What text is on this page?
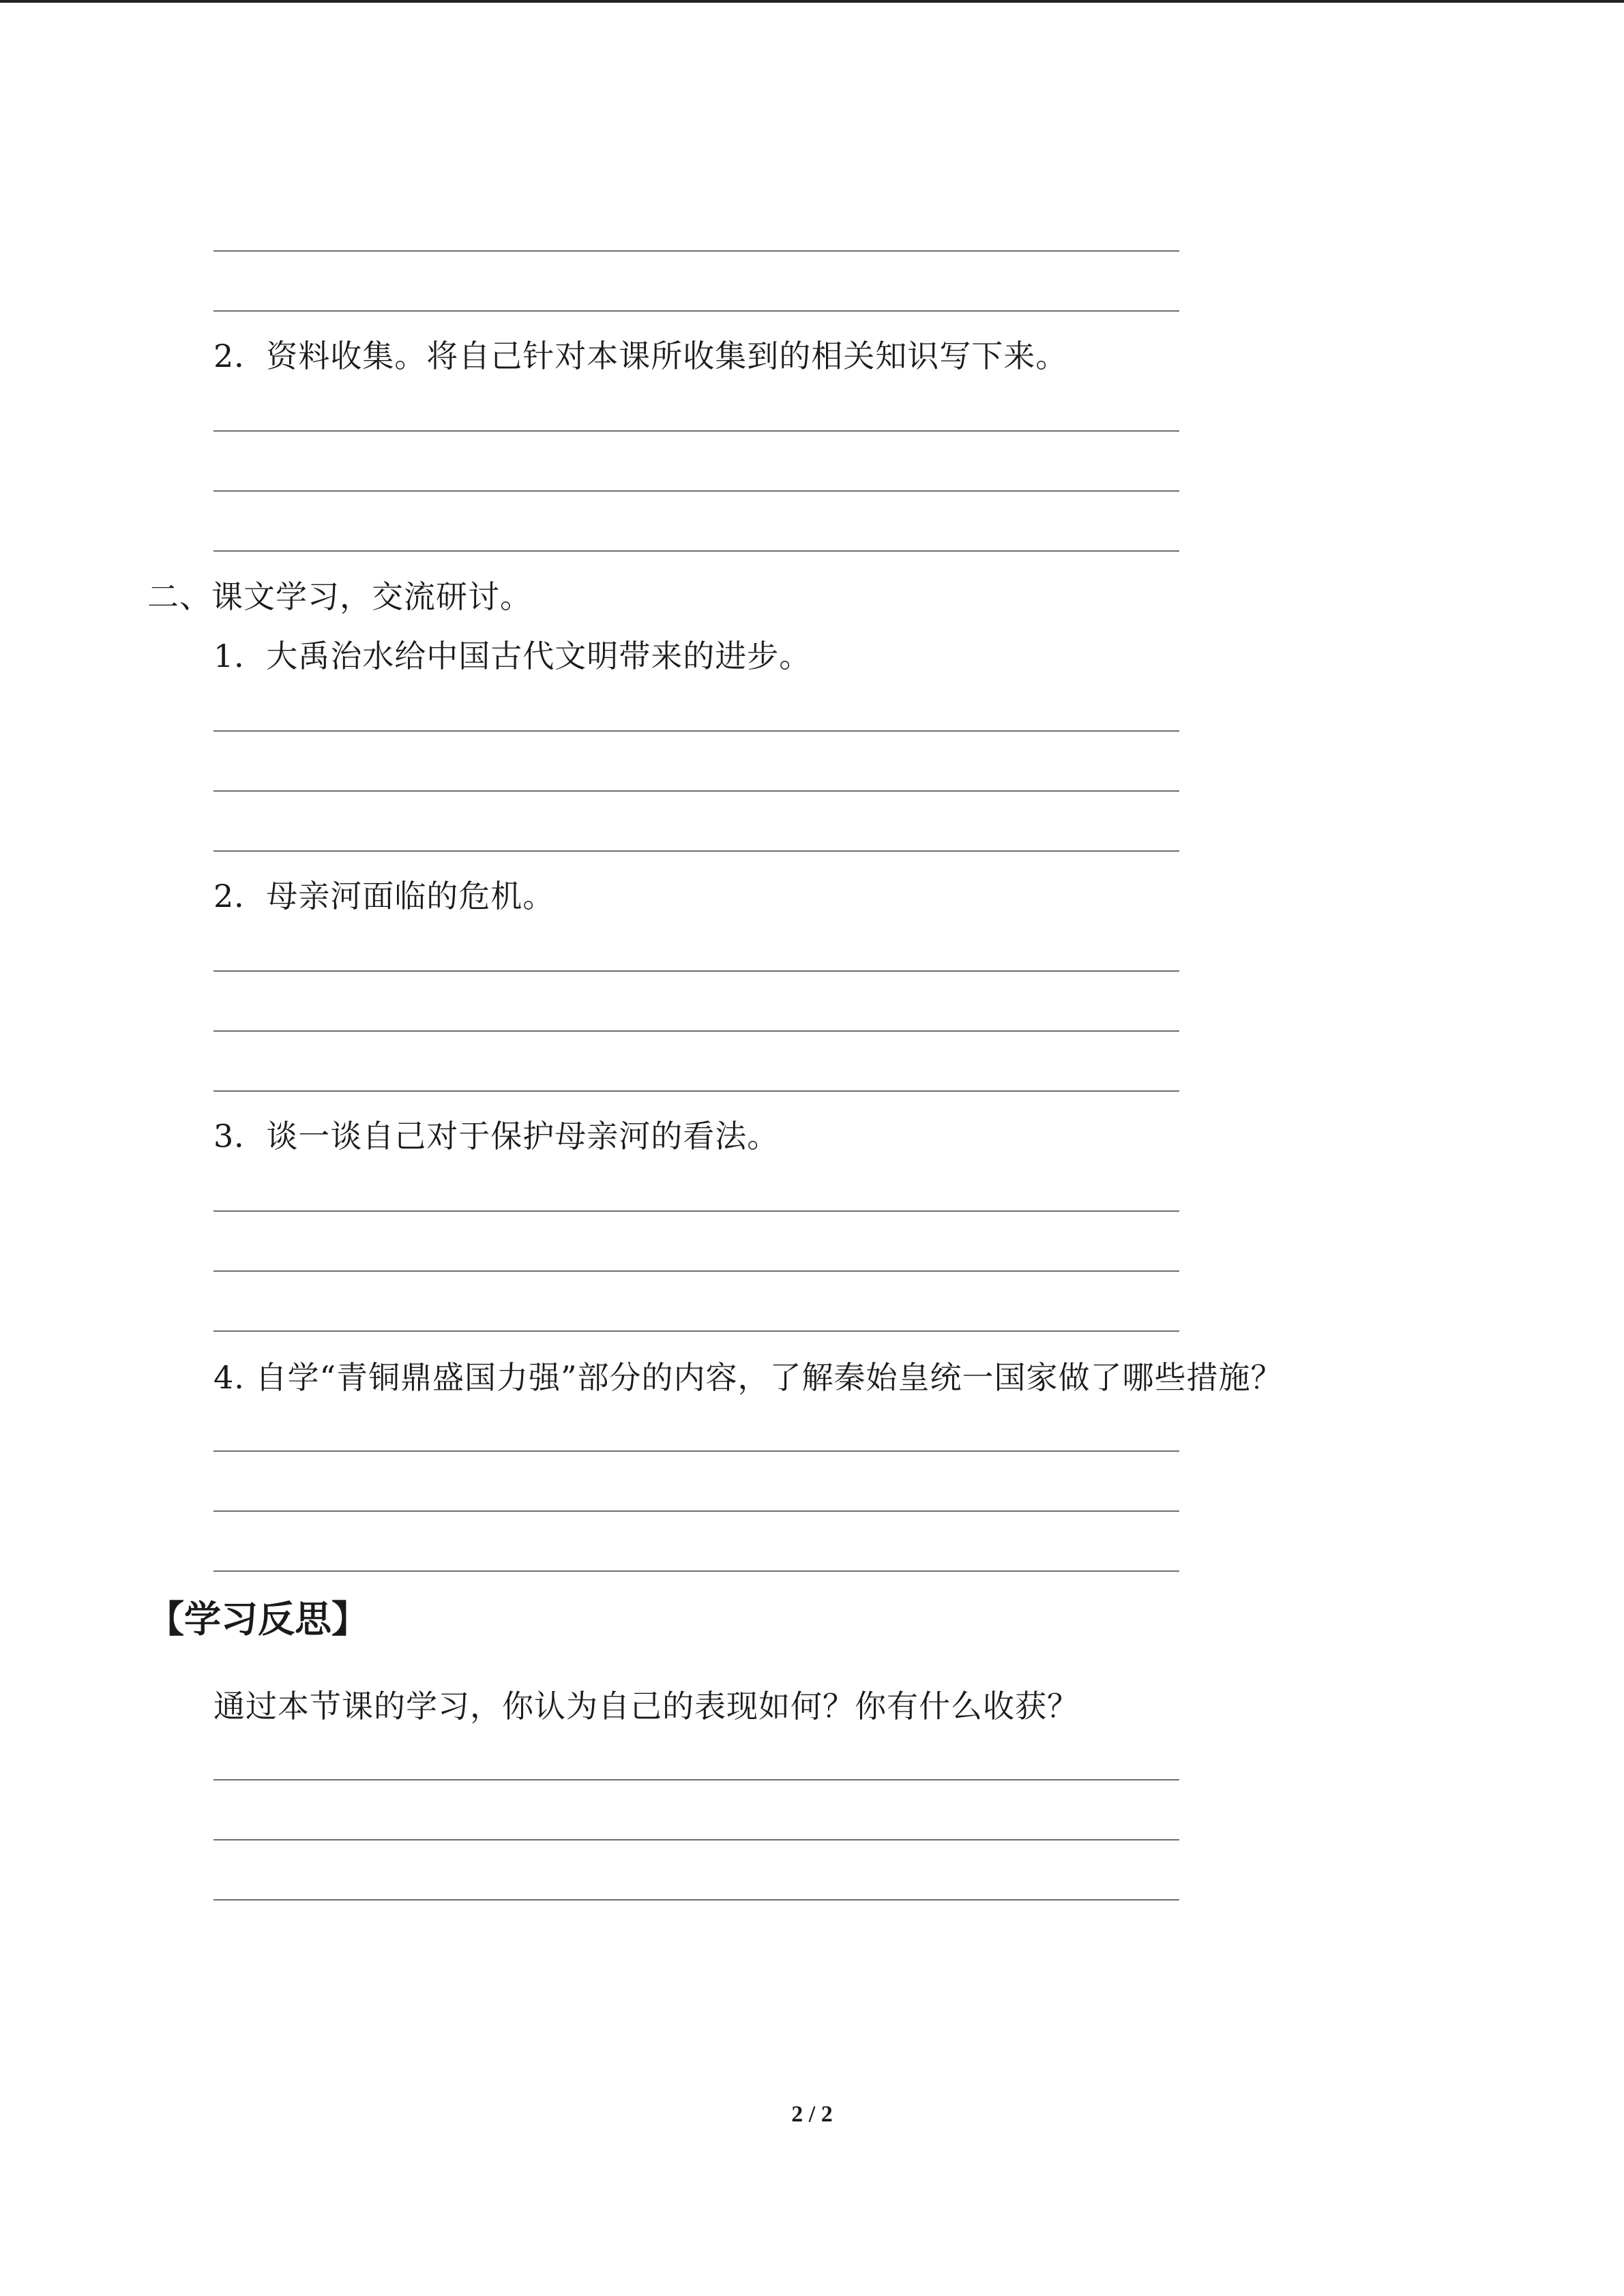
2．资料收集。将自己针对本课所收集到的相关知识写下来。
二、课文学习，交流研讨。
1．大禹治水给中国古代文明带来的进步。
2．母亲河面临的危机。
3．谈一谈自己对于保护母亲河的看法。
4. 自学“青铜鼎盛国力强”部分的内容，了解秦始皇统一国家做了哪些措施？
【学习反思】
通过本节课的学习，你认为自己的表现如何？你有什么收获？
2 / 2
